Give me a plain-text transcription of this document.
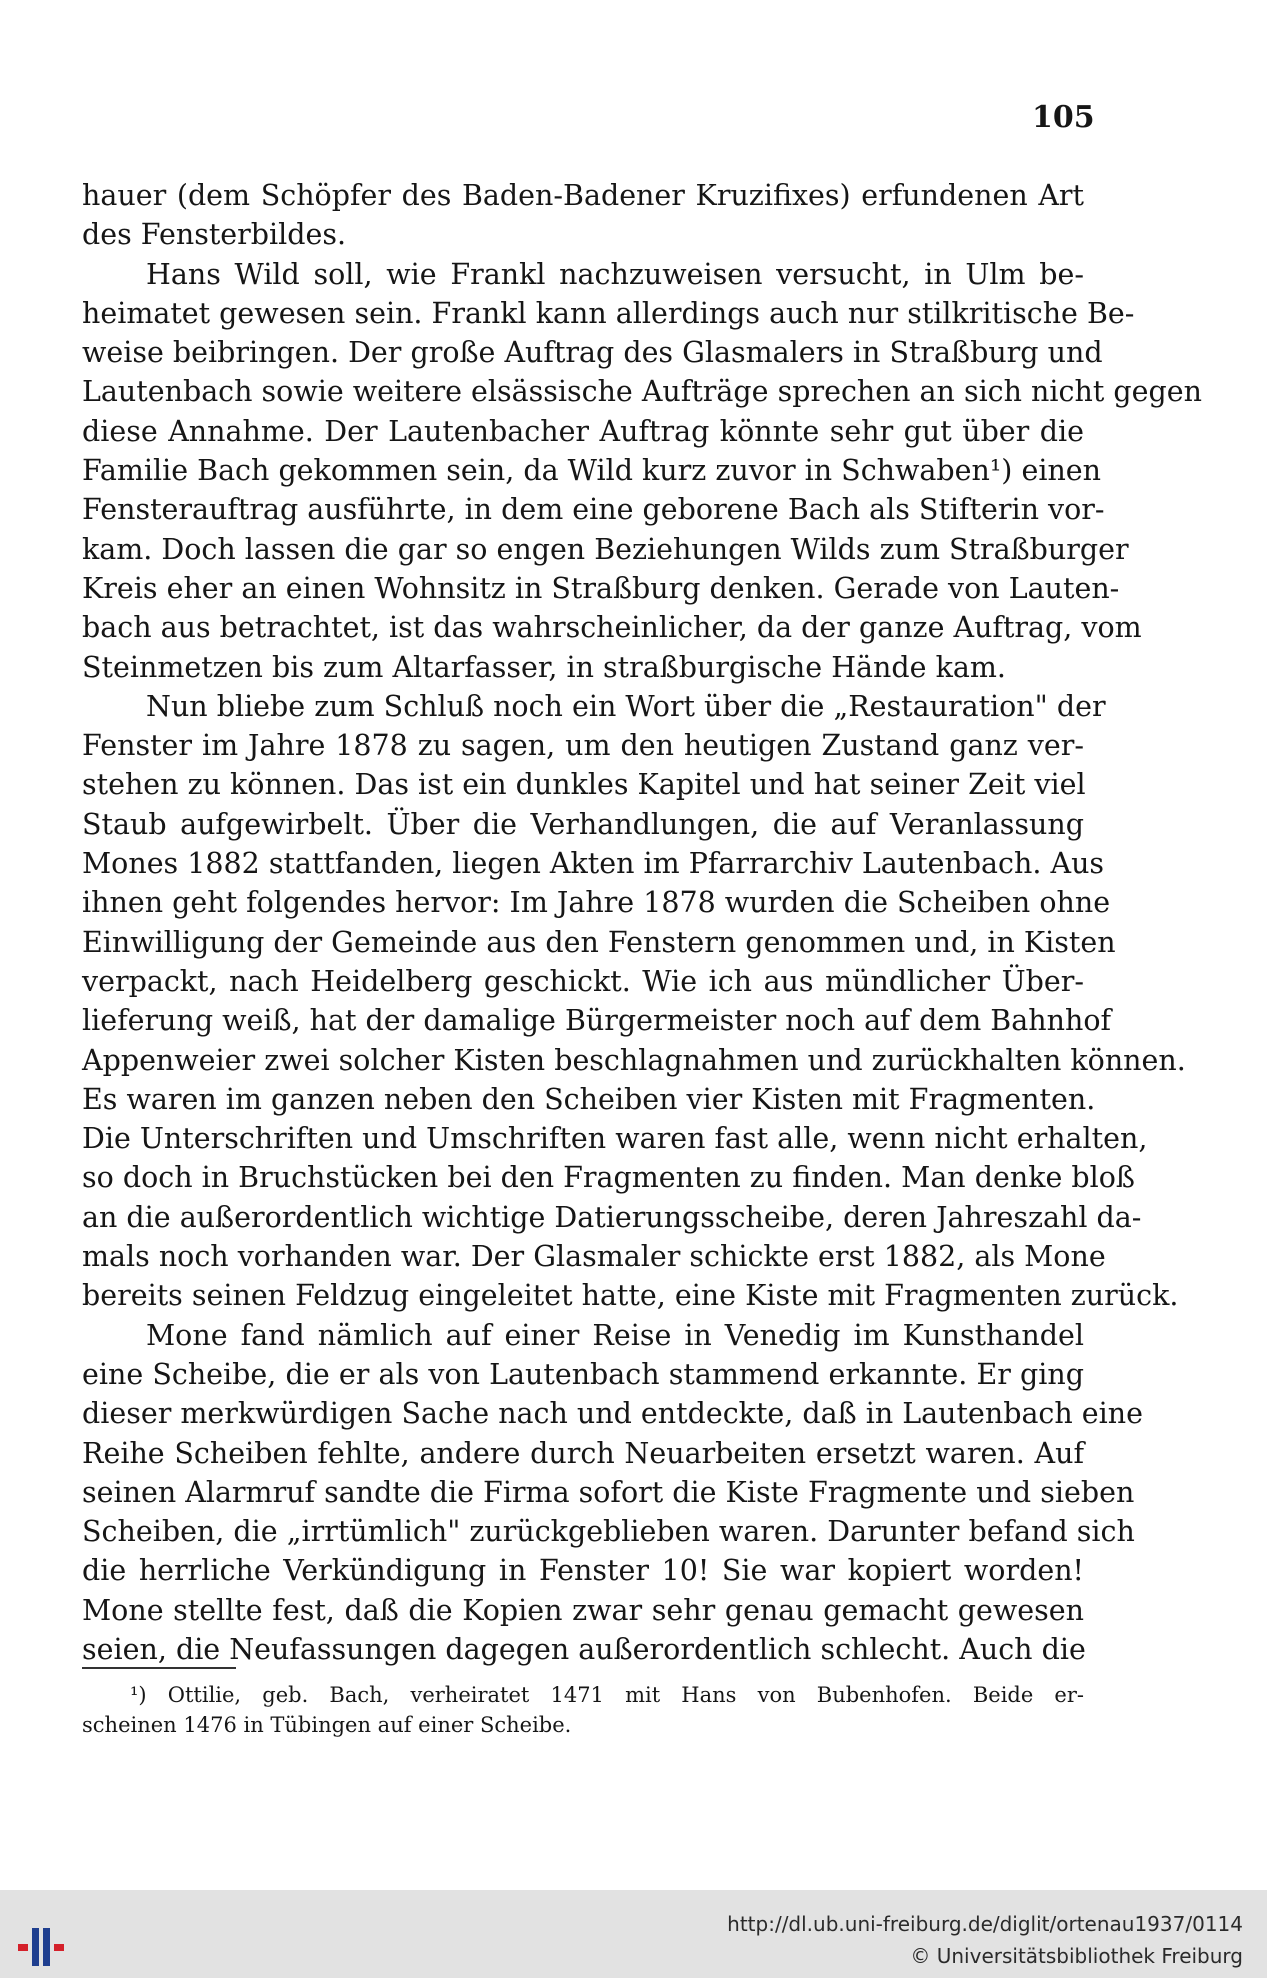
105

hauer (dem Schöpfer des Baden-Badener Kruzifixes) erfundenen Art

des Fensterbildes.

Hans Wild soll, wie Frankl nachzuweisen versucht, in Ulm be-

heimatet gewesen sein. Frankl kann allerdings auch nur stilkritische Be-

weise beibringen. Der große Auftrag des Glasmalers in Straßburg und

Lautenbach sowie weitere elsässische Aufträge sprechen an sich nicht gegen

diese Annahme. Der Lautenbacher Auftrag könnte sehr gut über die

Familie Bach gekommen sein, da Wild kurz zuvor in Schwaben¹) einen

Fensterauftrag ausführte, in dem eine geborene Bach als Stifterin vor-

kam. Doch lassen die gar so engen Beziehungen Wilds zum Straßburger

Kreis eher an einen Wohnsitz in Straßburg denken. Gerade von Lauten-

bach aus betrachtet, ist das wahrscheinlicher, da der ganze Auftrag, vom

Steinmetzen bis zum Altarfasser, in straßburgische Hände kam.

Nun bliebe zum Schluß noch ein Wort über die „Restauration" der

Fenster im Jahre 1878 zu sagen, um den heutigen Zustand ganz ver-

stehen zu können. Das ist ein dunkles Kapitel und hat seiner Zeit viel

Staub aufgewirbelt. Über die Verhandlungen, die auf Veranlassung

Mones 1882 stattfanden, liegen Akten im Pfarrarchiv Lautenbach. Aus

ihnen geht folgendes hervor: Im Jahre 1878 wurden die Scheiben ohne

Einwilligung der Gemeinde aus den Fenstern genommen und, in Kisten

verpackt, nach Heidelberg geschickt. Wie ich aus mündlicher Über-

lieferung weiß, hat der damalige Bürgermeister noch auf dem Bahnhof

Appenweier zwei solcher Kisten beschlagnahmen und zurückhalten können.

Es waren im ganzen neben den Scheiben vier Kisten mit Fragmenten.

Die Unterschriften und Umschriften waren fast alle, wenn nicht erhalten,

so doch in Bruchstücken bei den Fragmenten zu finden. Man denke bloß

an die außerordentlich wichtige Datierungsscheibe, deren Jahreszahl da-

mals noch vorhanden war. Der Glasmaler schickte erst 1882, als Mone

bereits seinen Feldzug eingeleitet hatte, eine Kiste mit Fragmenten zurück.

Mone fand nämlich auf einer Reise in Venedig im Kunsthandel

eine Scheibe, die er als von Lautenbach stammend erkannte. Er ging

dieser merkwürdigen Sache nach und entdeckte, daß in Lautenbach eine

Reihe Scheiben fehlte, andere durch Neuarbeiten ersetzt waren. Auf

seinen Alarmruf sandte die Firma sofort die Kiste Fragmente und sieben

Scheiben, die „irrtümlich" zurückgeblieben waren. Darunter befand sich

die herrliche Verkündigung in Fenster 10! Sie war kopiert worden!

Mone stellte fest, daß die Kopien zwar sehr genau gemacht gewesen

seien, die Neufassungen dagegen außerordentlich schlecht. Auch die

¹) Ottilie, geb. Bach, verheiratet 1471 mit Hans von Bubenhofen. Beide er-
scheinen 1476 in Tübingen auf einer Scheibe.
http://dl.ub.uni-freiburg.de/diglit/ortenau1937/0114
© Universitätsbibliothek Freiburg
